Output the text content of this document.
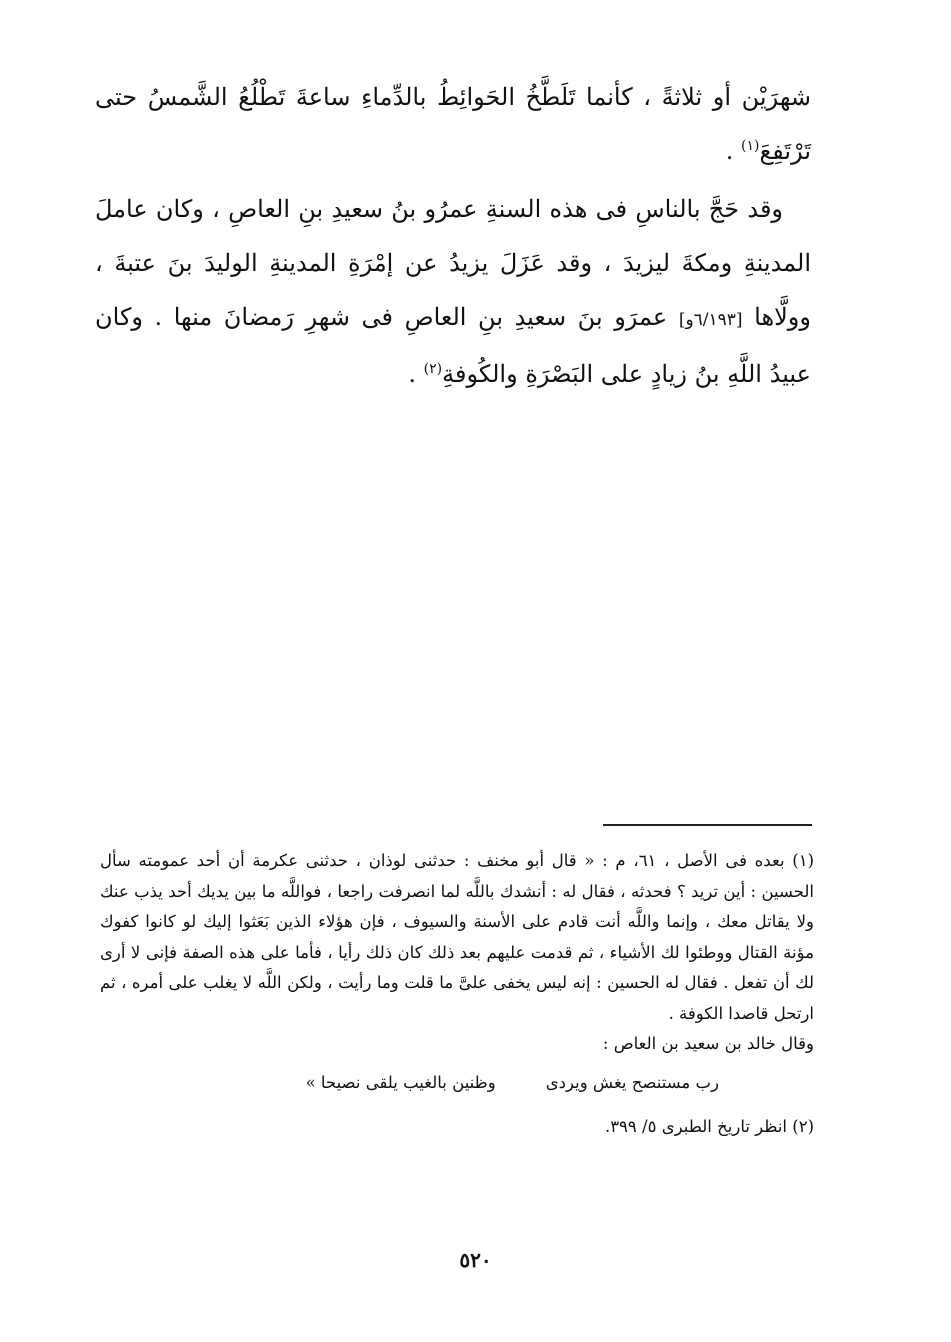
شهرَيْن أو ثلاثةً ، كأنما تَلَطَّخُ الحَوائِطُ بالدِّماءِ ساعةَ تَطْلُعُ الشَّمسُ حتى تَرْتَفِعَ$^{(١)}$ .

وقد حَجَّ بالناسِ فى هذه السنةِ عمرُو بنُ سعيدِ بنِ العاصِ ، وكان عاملَ المدينةِ ومكةَ ليزيدَ ، وقد عَزَلَ يزيدُ عن إمْرَةِ المدينةِ الوليدَ بنَ عتبةَ ، وولَّاها [٦/١٩٣و] عمرَو بنَ سعيدِ بنِ العاصِ فى شهرِ رَمضانَ منها . وكان عبيدُ اللَّهِ بنُ زيادٍ على البَصْرَةِ والكُوفةِ$^{(٢)}$ .

(١) بعده فى الأصل ، ٦١، م : « قال أبو مخنف : حدثنى لوذان ، حدثنى عكرمة أن أحد عمومته سأل الحسين : أين تريد ؟ فحدثه ، فقال له : أنشدك باللَّه لما انصرفت راجعا ، فواللَّه ما بين يديك أحد يذب عنك ولا يقاتل معك ، وإنما واللَّه أنت قادم على الأسنة والسيوف ، فإن هؤلاء الذين بَعَثوا إليك لو كانوا كفوك مؤنة القتال ووطئوا لك الأشياء ، ثم قدمت عليهم بعد ذلك كان ذلك رأيا ، فأما على هذه الصفة فإنى لا أرى لك أن تفعل . فقال له الحسين : إنه ليس يخفى علىَّ ما قلت وما رأيت ، ولكن اللَّه لا يغلب على أمره ، ثم ارتحل قاصدا الكوفة .

وقال خالد بن سعيد بن العاص :

رب مستنصح يغش ويردى
وظنين بالغيب يلقى نصيحا »

(٢) انظر تاريخ الطبرى ٥/ ٣٩٩.

٥٢٠
